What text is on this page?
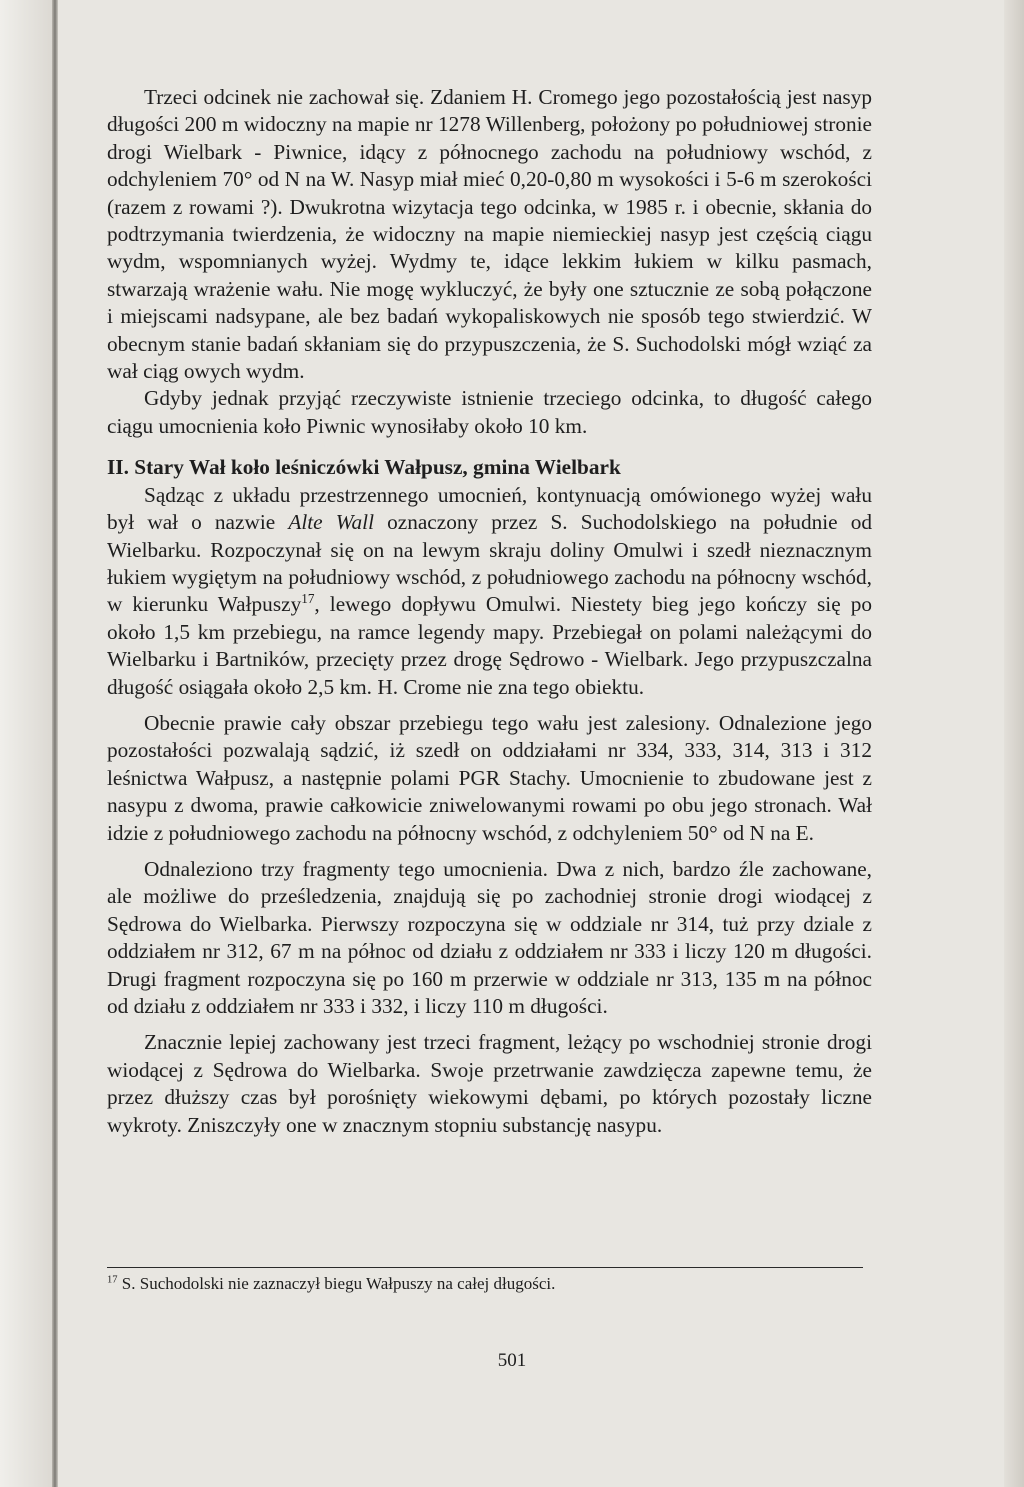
Trzeci odcinek nie zachował się. Zdaniem H. Cromego jego pozostałością jest nasyp długości 200 m widoczny na mapie nr 1278 Willenberg, położony po południowej stronie drogi Wielbark - Piwnice, idący z północnego zachodu na południowy wschód, z odchyleniem 70° od N na W. Nasyp miał mieć 0,20-0,80 m wysokości i 5-6 m szerokości (razem z rowami ?). Dwukrotna wizytacja tego odcinka, w 1985 r. i obecnie, skłania do podtrzymania twierdzenia, że widoczny na mapie niemieckiej nasyp jest częścią ciągu wydm, wspomnianych wyżej. Wydmy te, idące lekkim łukiem w kilku pasmach, stwarzają wrażenie wału. Nie mogę wykluczyć, że były one sztucznie ze sobą połączone i miejscami nadsypane, ale bez badań wykopaliskowych nie sposób tego stwierdzić. W obecnym stanie badań skłaniam się do przypuszczenia, że S. Suchodolski mógł wziąć za wał ciąg owych wydm.

Gdyby jednak przyjąć rzeczywiste istnienie trzeciego odcinka, to długość całego ciągu umocnienia koło Piwnic wynosiłaby około 10 km.

II. Stary Wał koło leśniczówki Wałpusz, gmina Wielbark

Sądząc z układu przestrzennego umocnień, kontynuacją omówionego wyżej wału był wał o nazwie Alte Wall oznaczony przez S. Suchodolskiego na południe od Wielbarku. Rozpoczynał się on na lewym skraju doliny Omulwi i szedł nieznacznym łukiem wygiętym na południowy wschód, z południowego zachodu na północny wschód, w kierunku Wałpuszy$^{17}$, lewego dopływu Omulwi. Niestety bieg jego kończy się po około 1,5 km przebiegu, na ramce legendy mapy. Przebiegał on polami należącymi do Wielbarku i Bartników, przecięty przez drogę Sędrowo - Wielbark. Jego przypuszczalna długość osiągała około 2,5 km. H. Crome nie zna tego obiektu.

Obecnie prawie cały obszar przebiegu tego wału jest zalesiony. Odnalezione jego pozostałości pozwalają sądzić, iż szedł on oddziałami nr 334, 333, 314, 313 i 312 leśnictwa Wałpusz, a następnie polami PGR Stachy. Umocnienie to zbudowane jest z nasypu z dwoma, prawie całkowicie zniwelowanymi rowami po obu jego stronach. Wał idzie z południowego zachodu na północny wschód, z odchyleniem 50° od N na E.

Odnaleziono trzy fragmenty tego umocnienia. Dwa z nich, bardzo źle zachowane, ale możliwe do prześledzenia, znajdują się po zachodniej stronie drogi wiodącej z Sędrowa do Wielbarka. Pierwszy rozpoczyna się w oddziale nr 314, tuż przy dziale z oddziałem nr 312, 67 m na północ od działu z oddziałem nr 333 i liczy 120 m długości. Drugi fragment rozpoczyna się po 160 m przerwie w oddziale nr 313, 135 m na północ od działu z oddziałem nr 333 i 332, i liczy 110 m długości.

Znacznie lepiej zachowany jest trzeci fragment, leżący po wschodniej stronie drogi wiodącej z Sędrowa do Wielbarka. Swoje przetrwanie zawdzięcza zapewne temu, że przez dłuższy czas był porośnięty wiekowymi dębami, po których pozostały liczne wykroty. Zniszczyły one w znacznym stopniu substancję nasypu.

$^{17}$ S. Suchodolski nie zaznaczył biegu Wałpuszy na całej długości.
501
